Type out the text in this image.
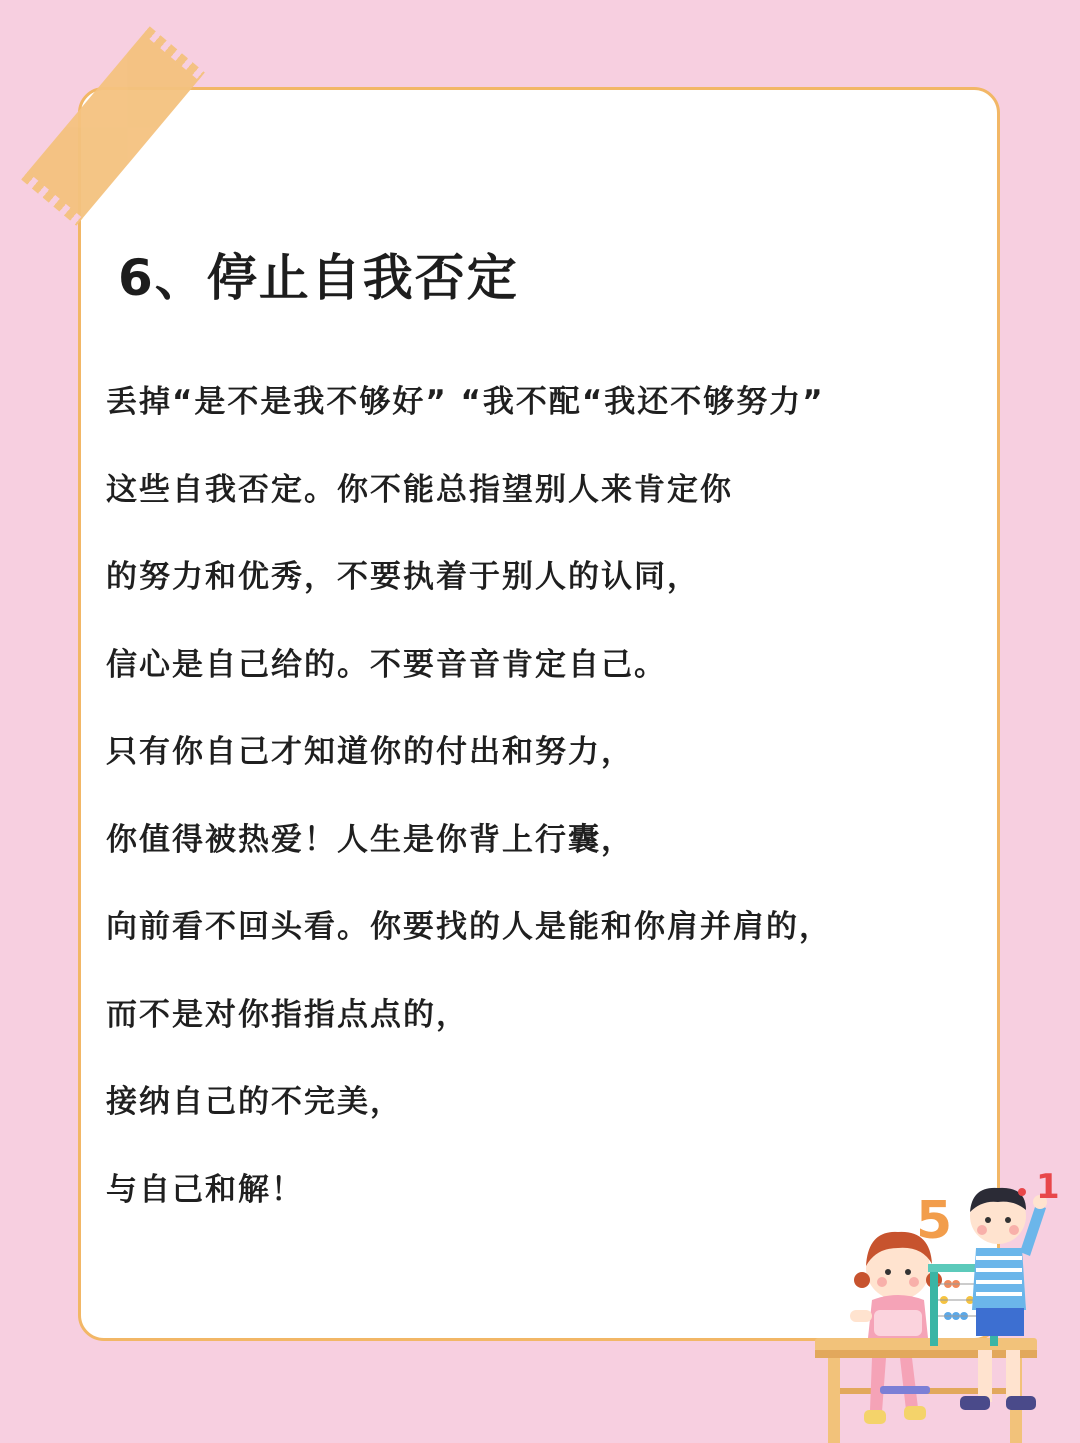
6、停止自我否定
丢掉“是不是我不够好” “我不配“我还不够努力”
这些自我否定。你不能总指望别人来肯定你
的努力和优秀，不要执着于别人的认同，
信心是自己给的。不要音音肯定自己。
只有你自己才知道你的付出和努力，
你值得被热爱！人生是你背上行囊，
向前看不回头看。你要找的人是能和你肩并肩的，
而不是对你指指点点的，
接纳自己的不完美，
与自己和解！
5
1
